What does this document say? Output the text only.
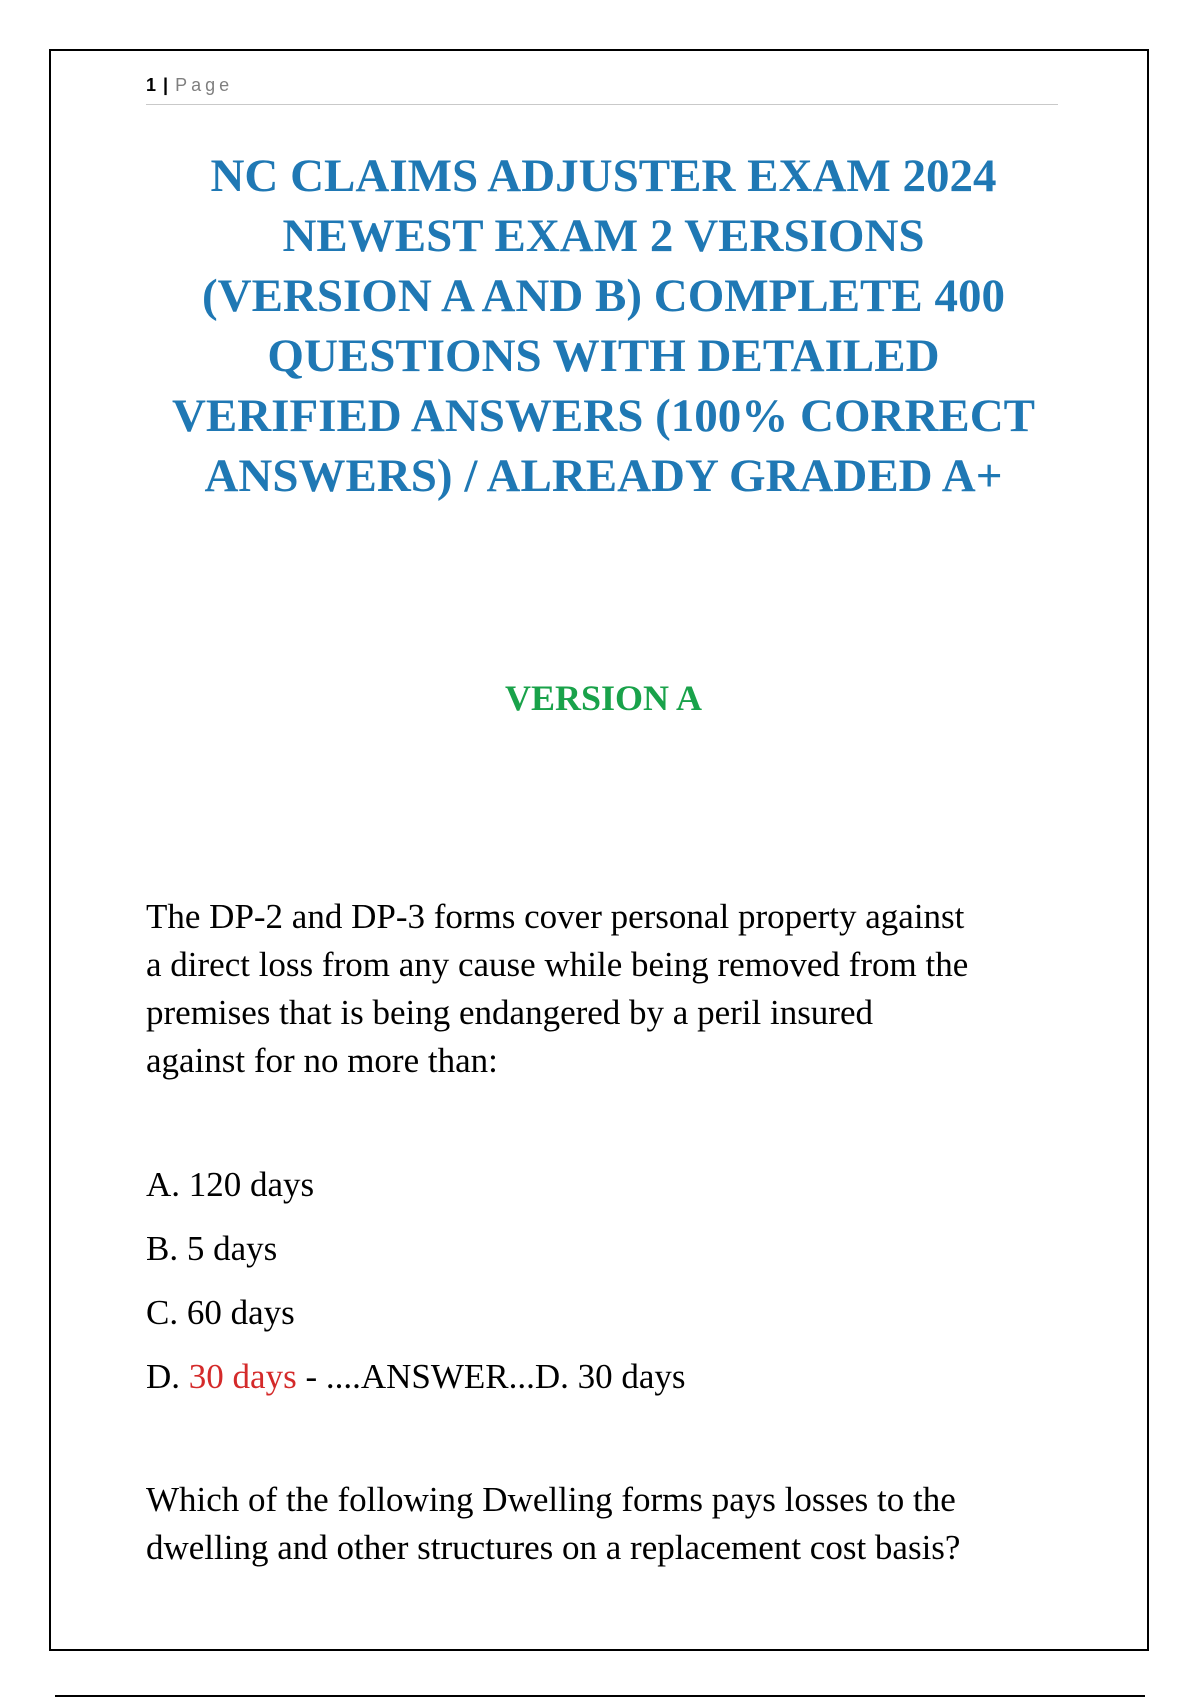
1 | Page
NC CLAIMS ADJUSTER EXAM 2024
NEWEST EXAM 2 VERSIONS
(VERSION A AND B) COMPLETE 400
QUESTIONS WITH DETAILED
VERIFIED ANSWERS (100% CORRECT
ANSWERS) / ALREADY GRADED A+
VERSION A

The DP-2 and DP-3 forms cover personal property against
a direct loss from any cause while being removed from the
premises that is being endangered by a peril insured
against for no more than:

A. 120 days
B. 5 days
C. 60 days
D. 30 days - ....ANSWER...D. 30 days

Which of the following Dwelling forms pays losses to the
dwelling and other structures on a replacement cost basis?
